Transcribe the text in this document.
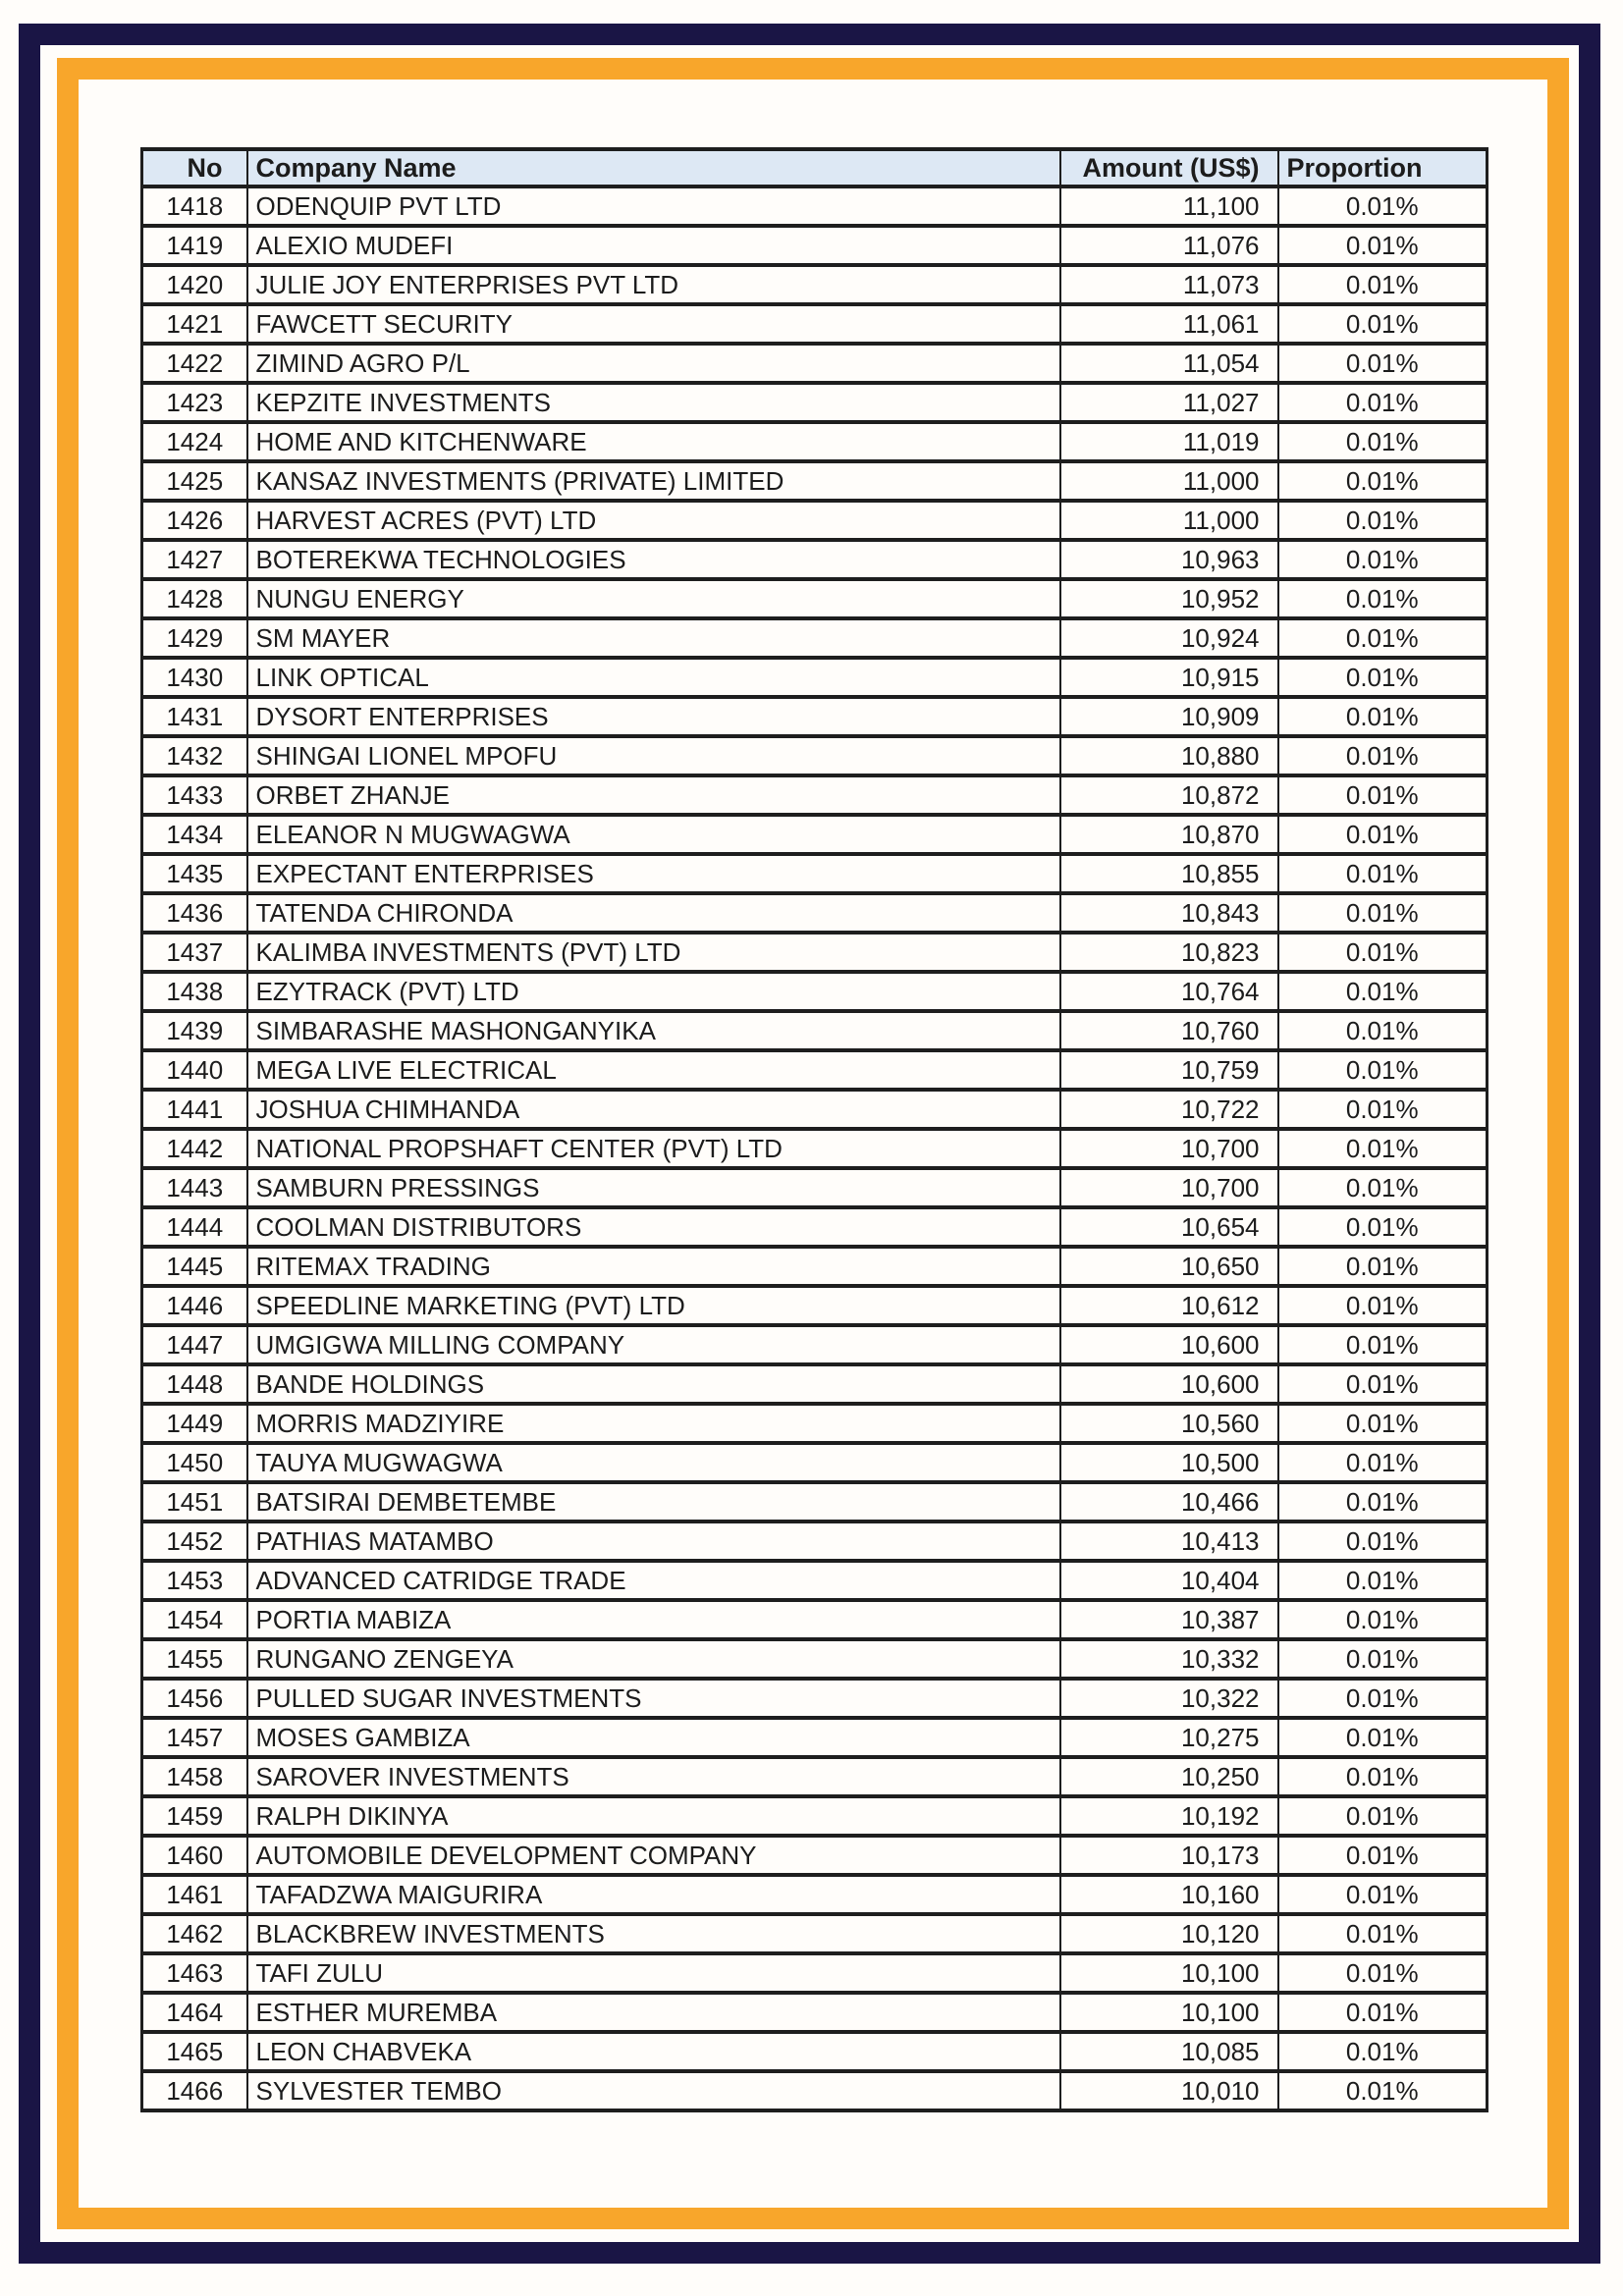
No	Company Name	Amount (US$)	Proportion
1418	ODENQUIP PVT LTD	11,100	0.01%
1419	ALEXIO MUDEFI	11,076	0.01%
1420	JULIE JOY ENTERPRISES PVT LTD	11,073	0.01%
1421	FAWCETT SECURITY	11,061	0.01%
1422	ZIMIND AGRO P/L	11,054	0.01%
1423	KEPZITE INVESTMENTS	11,027	0.01%
1424	HOME AND KITCHENWARE	11,019	0.01%
1425	KANSAZ INVESTMENTS (PRIVATE) LIMITED	11,000	0.01%
1426	HARVEST ACRES (PVT) LTD	11,000	0.01%
1427	BOTEREKWA TECHNOLOGIES	10,963	0.01%
1428	NUNGU ENERGY	10,952	0.01%
1429	SM MAYER	10,924	0.01%
1430	LINK OPTICAL	10,915	0.01%
1431	DYSORT ENTERPRISES	10,909	0.01%
1432	SHINGAI LIONEL MPOFU	10,880	0.01%
1433	ORBET ZHANJE	10,872	0.01%
1434	ELEANOR N MUGWAGWA	10,870	0.01%
1435	EXPECTANT ENTERPRISES	10,855	0.01%
1436	TATENDA CHIRONDA	10,843	0.01%
1437	KALIMBA INVESTMENTS (PVT) LTD	10,823	0.01%
1438	EZYTRACK (PVT) LTD	10,764	0.01%
1439	SIMBARASHE MASHONGANYIKA	10,760	0.01%
1440	MEGA LIVE ELECTRICAL	10,759	0.01%
1441	JOSHUA CHIMHANDA	10,722	0.01%
1442	NATIONAL PROPSHAFT CENTER (PVT) LTD	10,700	0.01%
1443	SAMBURN PRESSINGS	10,700	0.01%
1444	COOLMAN DISTRIBUTORS	10,654	0.01%
1445	RITEMAX TRADING	10,650	0.01%
1446	SPEEDLINE MARKETING (PVT) LTD	10,612	0.01%
1447	UMGIGWA MILLING COMPANY	10,600	0.01%
1448	BANDE HOLDINGS	10,600	0.01%
1449	MORRIS MADZIYIRE	10,560	0.01%
1450	TAUYA MUGWAGWA	10,500	0.01%
1451	BATSIRAI DEMBETEMBE	10,466	0.01%
1452	PATHIAS MATAMBO	10,413	0.01%
1453	ADVANCED CATRIDGE TRADE	10,404	0.01%
1454	PORTIA MABIZA	10,387	0.01%
1455	RUNGANO ZENGEYA	10,332	0.01%
1456	PULLED SUGAR INVESTMENTS	10,322	0.01%
1457	MOSES GAMBIZA	10,275	0.01%
1458	SAROVER INVESTMENTS	10,250	0.01%
1459	RALPH DIKINYA	10,192	0.01%
1460	AUTOMOBILE DEVELOPMENT COMPANY	10,173	0.01%
1461	TAFADZWA MAIGURIRA	10,160	0.01%
1462	BLACKBREW INVESTMENTS	10,120	0.01%
1463	TAFI ZULU	10,100	0.01%
1464	ESTHER MUREMBA	10,100	0.01%
1465	LEON CHABVEKA	10,085	0.01%
1466	SYLVESTER TEMBO	10,010	0.01%
